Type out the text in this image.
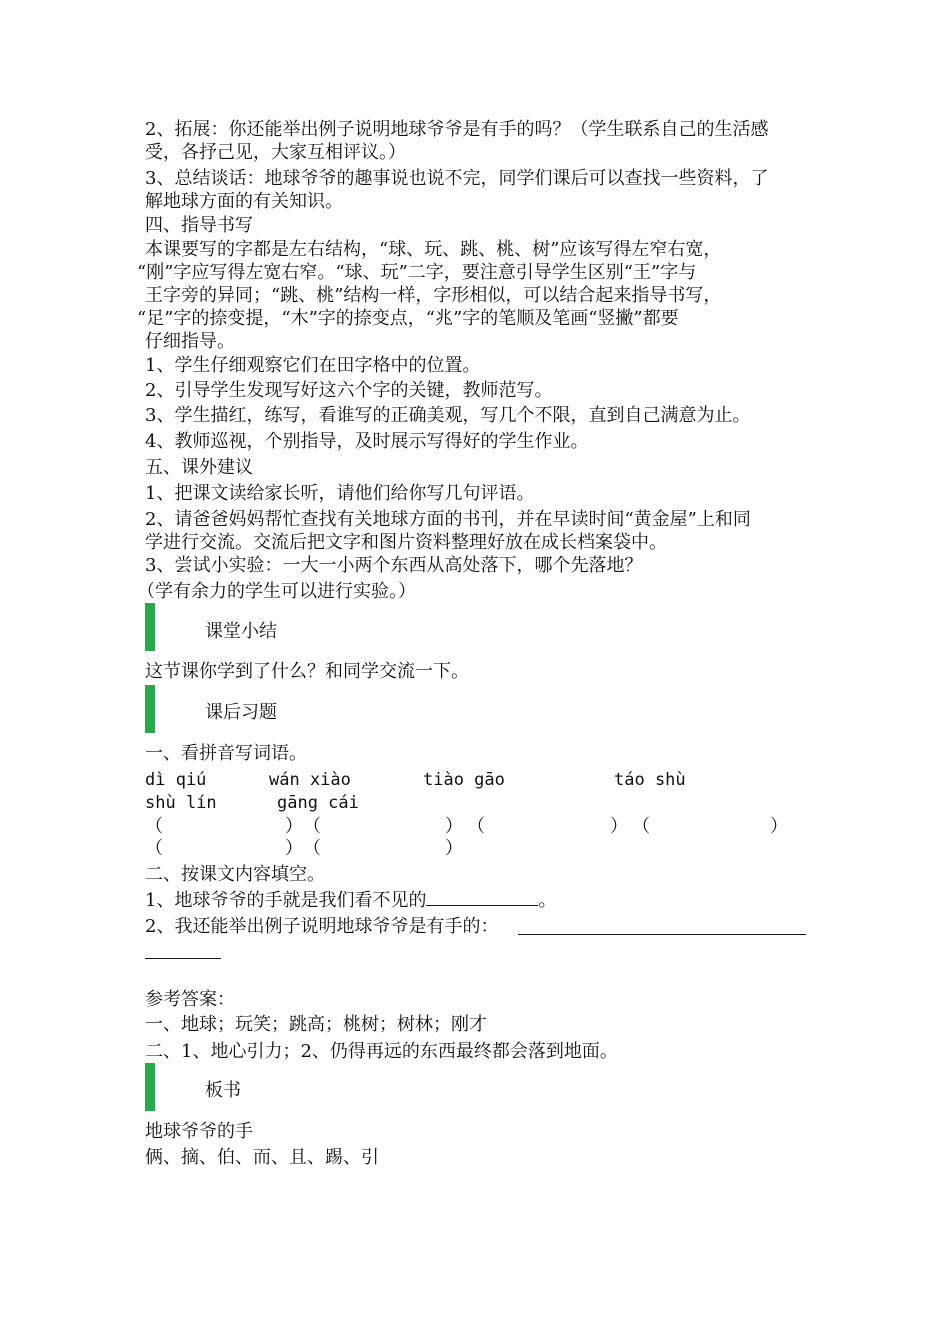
2、拓展：你还能举出例子说明地球爷爷是有手的吗？（学生联系自己的生活感
受，各抒己见，大家互相评议。）
3、总结谈话：地球爷爷的趣事说也说不完，同学们课后可以查找一些资料，了
解地球方面的有关知识。
四、指导书写
本课要写的字都是左右结构，“球、玩、跳、桃、树”应该写得左窄右宽，
“刚”字应写得左宽右窄。“球、玩”二字，要注意引导学生区别“王”字与
王字旁的异同；“跳、桃”结构一样，字形相似，可以结合起来指导书写，
“足”字的捺变提，“木”字的捺变点，“兆”字的笔顺及笔画“竖撇”都要
仔细指导。
1、学生仔细观察它们在田字格中的位置。
2、引导学生发现写好这六个字的关键，教师范写。
3、学生描红，练写，看谁写的正确美观，写几个不限，直到自己满意为止。
4、教师巡视，个别指导，及时展示写得好的学生作业。
五、课外建议
1、把课文读给家长听，请他们给你写几句评语。
2、请爸爸妈妈帮忙查找有关地球方面的书刊，并在早读时间“黄金屋”上和同
学进行交流。交流后把文字和图片资料整理好放在成长档案袋中。
3、尝试小实验：一大一小两个东西从高处落下，哪个先落地？
（学有余力的学生可以进行实验。）
课堂小结
这节课你学到了什么？和同学交流一下。
课后习题
一、看拼音写词语。
dì qiú	wán xiào	tiào gāo	táo shù
shù lín	gāng cái
（	） （	） （	） （	）
（	） （	）
二、按课文内容填空。
1、地球爷爷的手就是我们看不见的	。
2、我还能举出例子说明地球爷爷是有手的：
参考答案：
一、地球；玩笑；跳高；桃树；树林；刚才
二、1、地心引力；2、仍得再远的东西最终都会落到地面。
板书
地球爷爷的手
俩、摘、伯、而、且、踢、引
